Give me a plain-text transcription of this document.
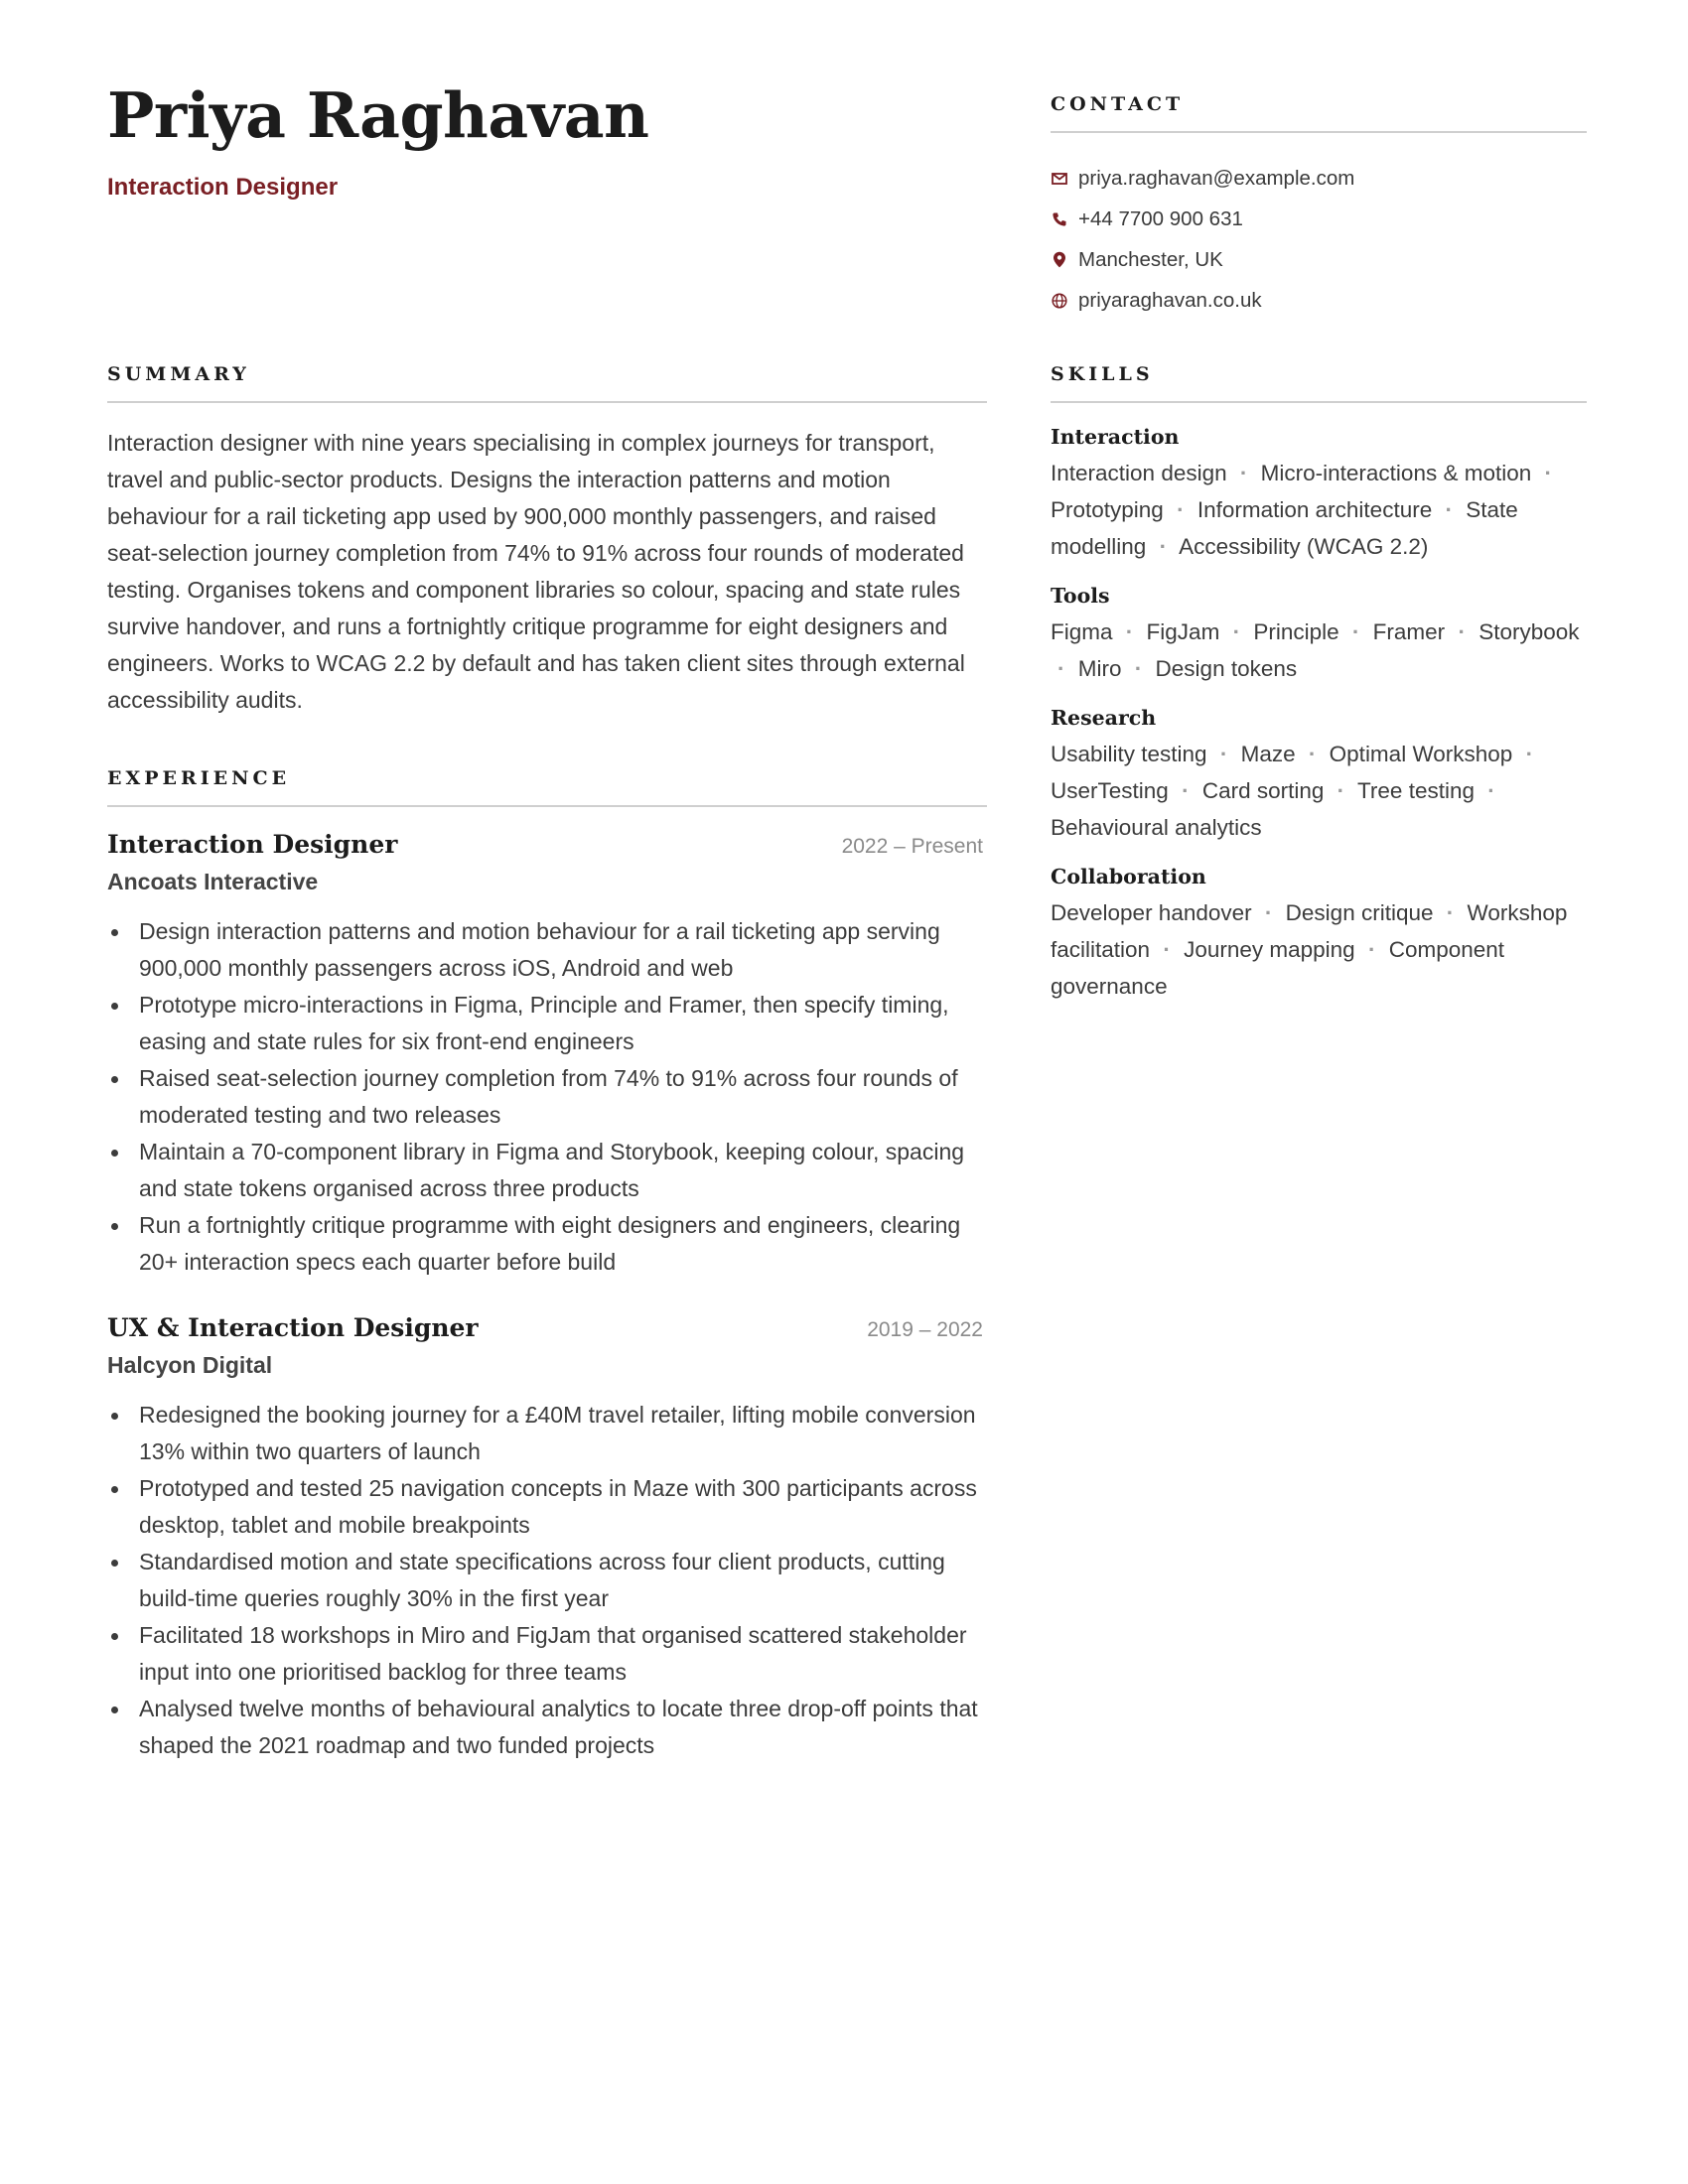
Priya Raghavan
Interaction Designer
CONTACT
priya.raghavan@example.com
+44 7700 900 631
Manchester, UK
priyaraghavan.co.uk
SUMMARY

Interaction designer with nine years specialising in complex journeys for transport, travel and public-sector products. Designs the interaction patterns and motion behaviour for a rail ticketing app used by 900,000 monthly passengers, and raised seat-selection journey completion from 74% to 91% across four rounds of moderated testing. Organises tokens and component libraries so colour, spacing and state rules survive handover, and runs a fortnightly critique programme for eight designers and engineers. Works to WCAG 2.2 by default and has taken client sites through external accessibility audits.

EXPERIENCE
Interaction Designer	2022 – Present
Ancoats Interactive
Design interaction patterns and motion behaviour for a rail ticketing app serving 900,000 monthly passengers across iOS, Android and web
Prototype micro-interactions in Figma, Principle and Framer, then specify timing, easing and state rules for six front-end engineers
Raised seat-selection journey completion from 74% to 91% across four rounds of moderated testing and two releases
Maintain a 70-component library in Figma and Storybook, keeping colour, spacing and state tokens organised across three products
Run a fortnightly critique programme with eight designers and engineers, clearing 20+ interaction specs each quarter before build
UX & Interaction Designer	2019 – 2022
Halcyon Digital
Redesigned the booking journey for a £40M travel retailer, lifting mobile conversion 13% within two quarters of launch
Prototyped and tested 25 navigation concepts in Maze with 300 participants across desktop, tablet and mobile breakpoints
Standardised motion and state specifications across four client products, cutting build-time queries roughly 30% in the first year
Facilitated 18 workshops in Miro and FigJam that organised scattered stakeholder input into one prioritised backlog for three teams
Analysed twelve months of behavioural analytics to locate three drop-off points that shaped the 2021 roadmap and two funded projects
SKILLS
Interaction
Interaction design · Micro-interactions & motion · Prototyping · Information architecture · State modelling · Accessibility (WCAG 2.2)
Tools
Figma · FigJam · Principle · Framer · Storybook · Miro · Design tokens
Research
Usability testing · Maze · Optimal Workshop · UserTesting · Card sorting · Tree testing · Behavioural analytics
Collaboration
Developer handover · Design critique · Workshop facilitation · Journey mapping · Component governance
